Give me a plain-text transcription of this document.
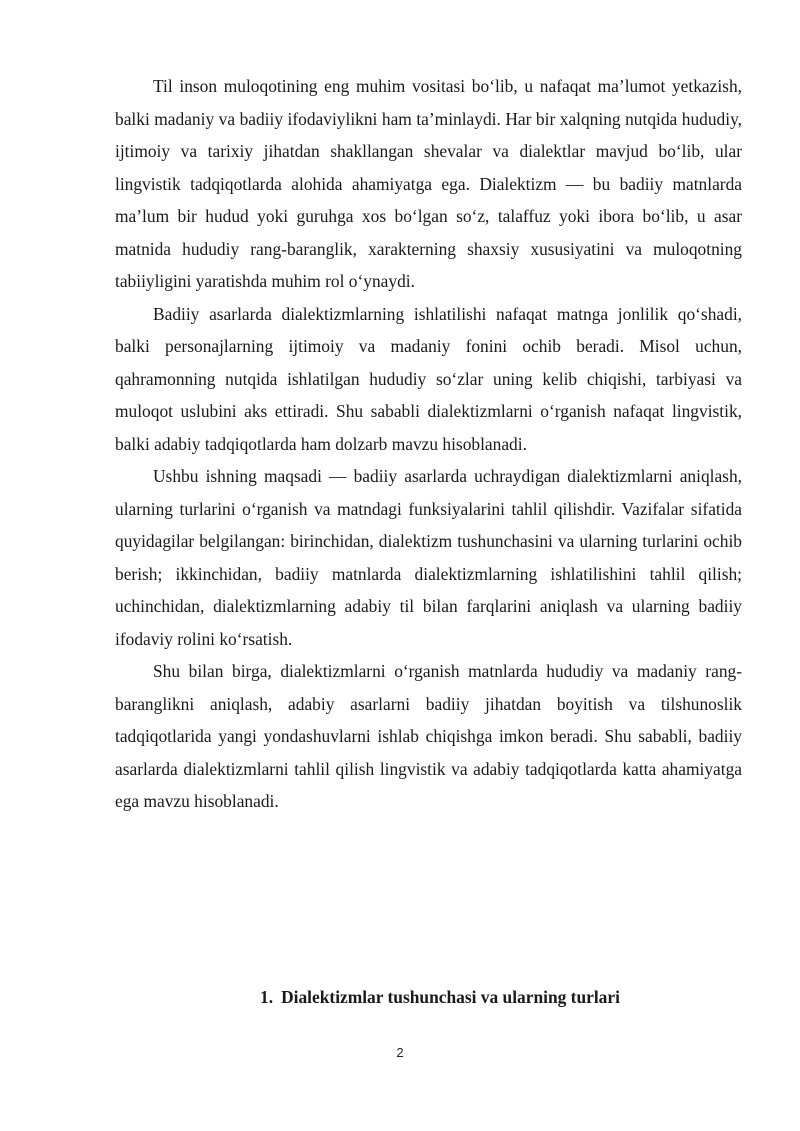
Til inson muloqotining eng muhim vositasi bo‘lib, u nafaqat ma’lumot yetkazish, balki madaniy va badiiy ifodaviylikni ham ta’minlaydi. Har bir xalqning nutqida hududiy, ijtimoiy va tarixiy jihatdan shakllangan shevalar va dialektlar mavjud bo‘lib, ular lingvistik tadqiqotlarda alohida ahamiyatga ega. Dialektizm — bu badiiy matnlarda ma’lum bir hudud yoki guruhga xos bo‘lgan so‘z, talaffuz yoki ibora bo‘lib, u asar matnida hududiy rang-baranglik, xarakterning shaxsiy xususiyatini va muloqotning tabiiyligini yaratishda muhim rol o‘ynaydi.

Badiiy asarlarda dialektizmlarning ishlatilishi nafaqat matnga jonlilik qo‘shadi, balki personajlarning ijtimoiy va madaniy fonini ochib beradi. Misol uchun, qahramonning nutqida ishlatilgan hududiy so‘zlar uning kelib chiqishi, tarbiyasi va muloqot uslubini aks ettiradi. Shu sababli dialektizmlarni o‘rganish nafaqat lingvistik, balki adabiy tadqiqotlarda ham dolzarb mavzu hisoblanadi.

Ushbu ishning maqsadi — badiiy asarlarda uchraydigan dialektizmlarni aniqlash, ularning turlarini o‘rganish va matndagi funksiyalarini tahlil qilishdir. Vazifalar sifatida quyidagilar belgilangan: birinchidan, dialektizm tushunchasini va ularning turlarini ochib berish; ikkinchidan, badiiy matnlarda dialektizmlarning ishlatilishini tahlil qilish; uchinchidan, dialektizmlarning adabiy til bilan farqlarini aniqlash va ularning badiiy ifodaviy rolini ko‘rsatish.

Shu bilan birga, dialektizmlarni o‘rganish matnlarda hududiy va madaniy rang-baranglikni aniqlash, adabiy asarlarni badiiy jihatdan boyitish va tilshunoslik tadqiqotlarida yangi yondashuvlarni ishlab chiqishga imkon beradi. Shu sababli, badiiy asarlarda dialektizmlarni tahlil qilish lingvistik va adabiy tadqiqotlarda katta ahamiyatga ega mavzu hisoblanadi.

1. Dialektizmlar tushunchasi va ularning turlari
2
